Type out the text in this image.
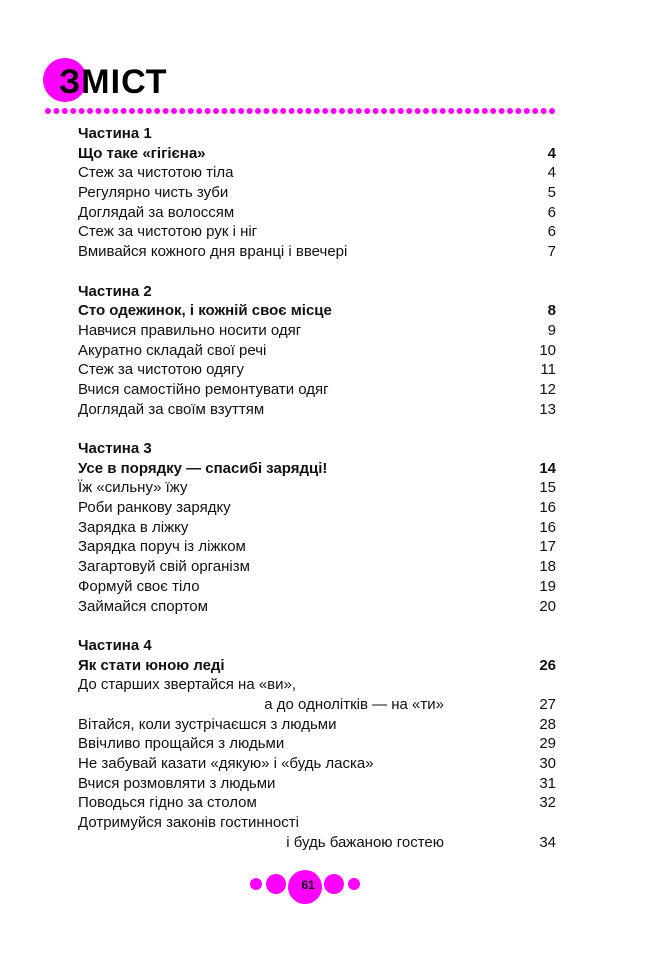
ЗМІСТ
Частина 1
Що таке «гігієна»	4
Стеж за чистотою тіла	4
Регулярно чисть зуби	5
Доглядай за волоссям	6
Стеж за чистотою рук і ніг	6
Вмивайся кожного дня вранці і ввечері	7
Частина 2
Сто одежинок, і кожній своє місце	8
Навчися правильно носити одяг	9
Акуратно складай свої речі	10
Стеж за чистотою одягу	11
Вчися самостійно ремонтувати одяг	12
Доглядай за своїм взуттям	13
Частина 3
Усе в порядку — спасибі зарядці!	14
Їж «сильну» їжу	15
Роби ранкову зарядку	16
Зарядка в ліжку	16
Зарядка поруч із ліжком	17
Загартовуй свій організм	18
Формуй своє тіло	19
Займайся спортом	20
Частина 4
Як стати юною леді	26
До старших звертайся на «ви»,
а до однолітків — на «ти»	27
Вітайся, коли зустрічаєшся з людьми	28
Ввічливо прощайся з людьми	29
Не забувай казати «дякую» і «будь ласка»	30
Вчися розмовляти з людьми	31
Поводься гідно за столом	32
Дотримуйся законів гостинності
і будь бажаною гостею	34
61
